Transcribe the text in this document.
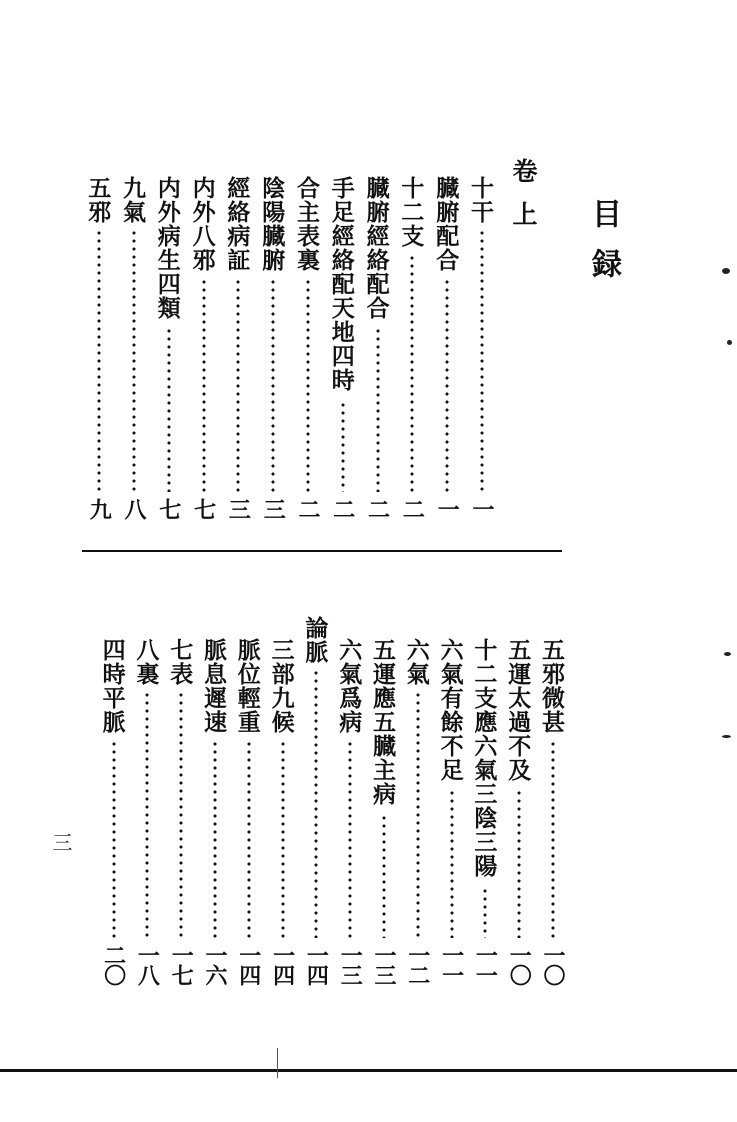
目録
卷上
十干
一
臓腑配合
一
十二支
二
臓腑經絡配合
二
手足經絡配天地四時
二
合主表裏
二
陰陽臓腑
三
經絡病証
三
内外八邪
七
内外病生四類
七
九氣
八
五邪
九
五邪微甚
一〇
五運太過不及
一〇
十二支應六氣三陰三陽
一一
六氣有餘不足
一一
六氣
一二
五運應五臓主病
一三
六氣爲病
一三
論脈
一四
三部九候
一四
脈位輕重
一四
脈息遲速
一六
七表
一七
八裏
一八
四時平脈
二〇
三
